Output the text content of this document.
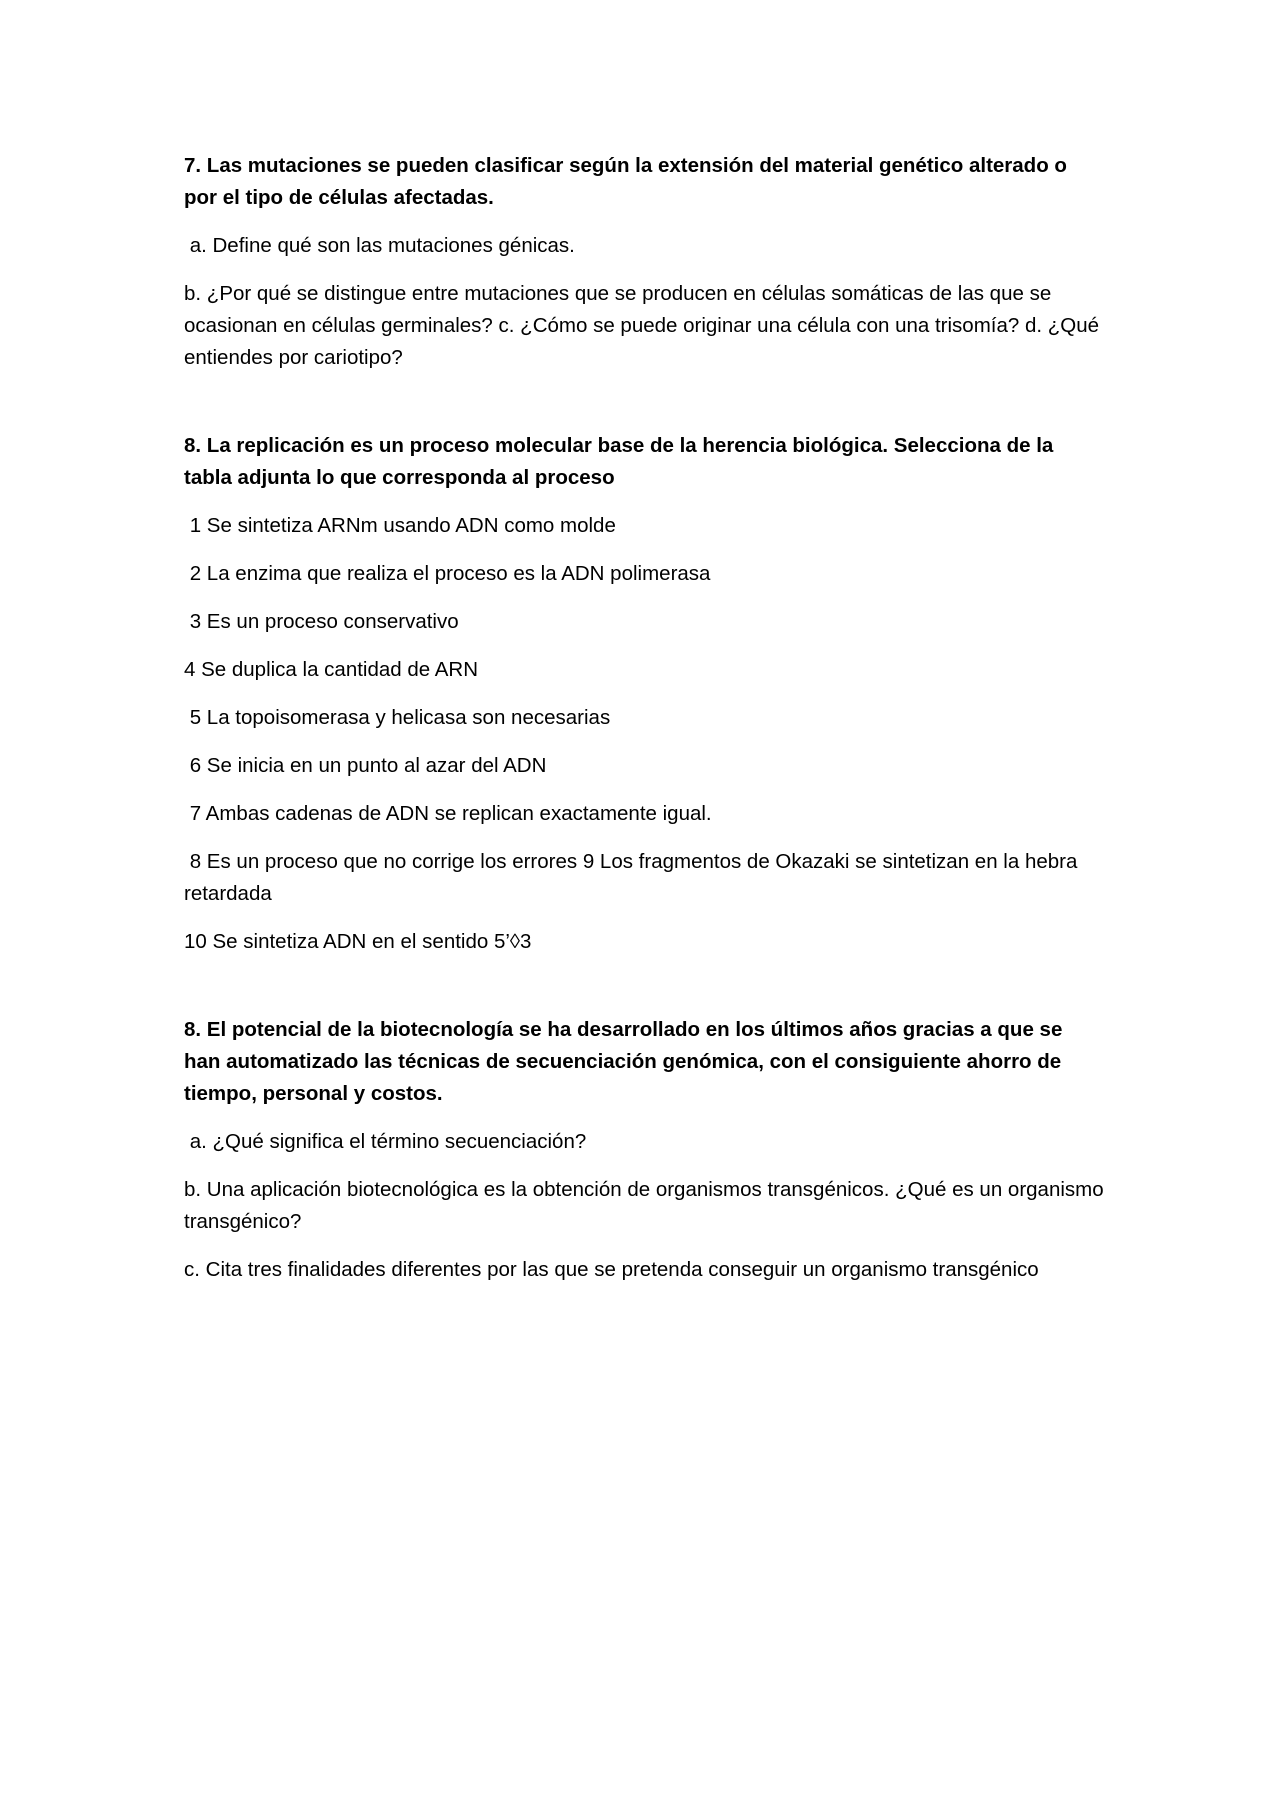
7. Las mutaciones se pueden clasificar según la extensión del material genético alterado o por el tipo de células afectadas.

a. Define qué son las mutaciones génicas.

b. ¿Por qué se distingue entre mutaciones que se producen en células somáticas de las que se ocasionan en células germinales? c. ¿Cómo se puede originar una célula con una trisomía? d. ¿Qué entiendes por cariotipo?

8. La replicación es un proceso molecular base de la herencia biológica. Selecciona de la tabla adjunta lo que corresponda al proceso

1 Se sintetiza ARNm usando ADN como molde

2 La enzima que realiza el proceso es la ADN polimerasa

3 Es un proceso conservativo

4 Se duplica la cantidad de ARN

5 La topoisomerasa y helicasa son necesarias

6 Se inicia en un punto al azar del ADN

7 Ambas cadenas de ADN se replican exactamente igual.

8 Es un proceso que no corrige los errores 9 Los fragmentos de Okazaki se sintetizan en la hebra retardada

10 Se sintetiza ADN en el sentido 5’◊3

8. El potencial de la biotecnología se ha desarrollado en los últimos años gracias a que se han automatizado las técnicas de secuenciación genómica, con el consiguiente ahorro de tiempo, personal y costos.

a. ¿Qué significa el término secuenciación?

b. Una aplicación biotecnológica es la obtención de organismos transgénicos. ¿Qué es un organismo transgénico?

c. Cita tres finalidades diferentes por las que se pretenda conseguir un organismo transgénico
